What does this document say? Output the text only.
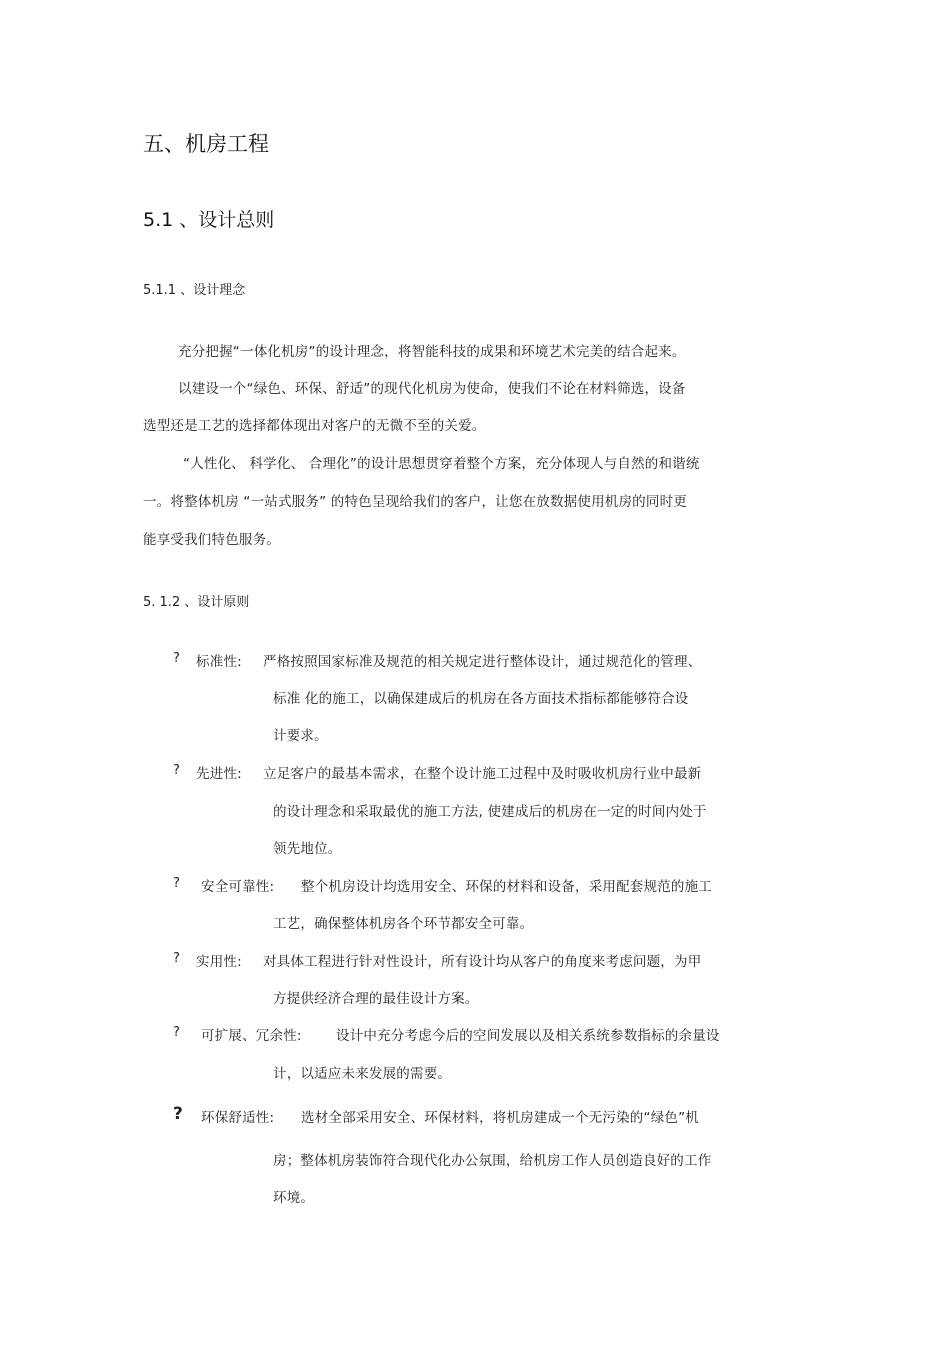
五、机房工程
5.1 、设计总则
5.1.1 、设计理念
充分把握“一体化机房”的设计理念，将智能科技的成果和环境艺术完美的结合起来。
以建设一个“绿色、环保、舒适”的现代化机房为使命，使我们不论在材料筛选，设备
选型还是工艺的选择都体现出对客户的无微不至的关爱。
“人性化、 科学化、 合理化”的设计思想贯穿着整个方案，充分体现人与自然的和谐统
一。将整体机房 “一站式服务” 的特色呈现给我们的客户，让您在放数据使用机房的同时更
能享受我们特色服务。
5. 1.2 、设计原则
? 标准性: 严格按照国家标准及规范的相关规定进行整体设计，通过规范化的管理、
标准 化的施工，以确保建成后的机房在各方面技术指标都能够符合设
计要求。
? 先进性: 立足客户的最基本需求，在整个设计施工过程中及时吸收机房行业中最新
的设计理念和采取最优的施工方法, 使建成后的机房在一定的时间内处于
领先地位。
? 安全可靠性: 整个机房设计均选用安全、环保的材料和设备，采用配套规范的施工
工艺，确保整体机房各个环节都安全可靠。
? 实用性: 对具体工程进行针对性设计，所有设计均从客户的角度来考虑问题，为甲
方提供经济合理的最佳设计方案。
? 可扩展、冗余性:	设计中充分考虑今后的空间发展以及相关系统参数指标的余量设
计，以适应未来发展的需要。
? 环保舒适性: 选材全部采用安全、环保材料，将机房建成一个无污染的“绿色”机
房；整体机房装饰符合现代化办公氛围，给机房工作人员创造良好的工作
环境。
